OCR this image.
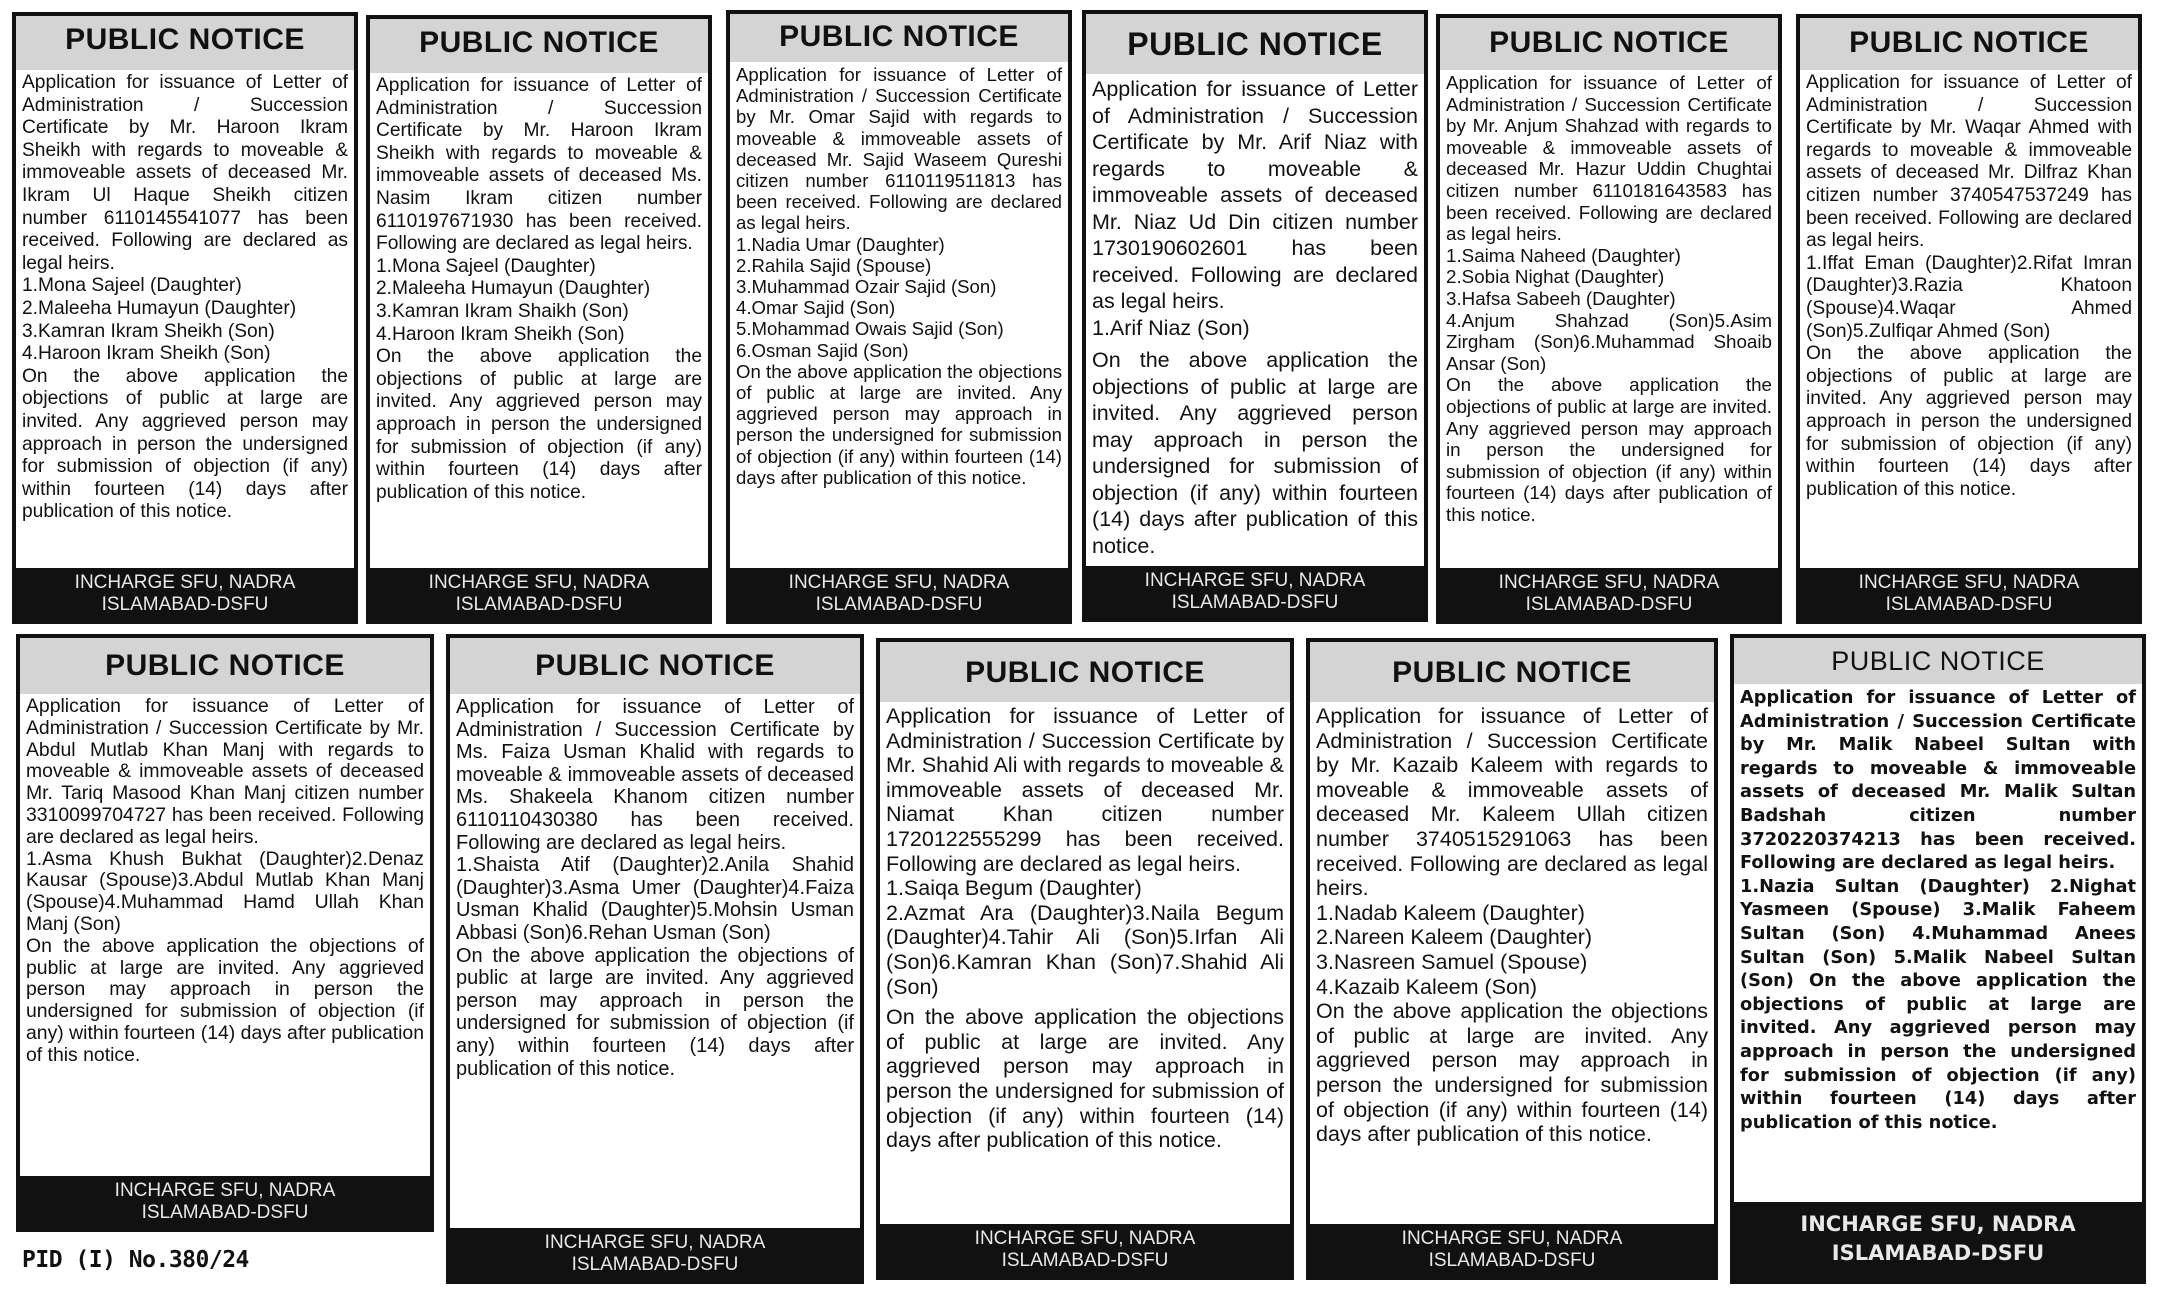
PUBLIC NOTICE

Application for issuance of Letter of Administration / Succession Certificate by Mr. Haroon Ikram Sheikh with regards to moveable & immoveable assets of deceased Mr. Ikram Ul Haque Sheikh citizen number 6110145541077 has been received. Following are declared as legal heirs.

1.Mona Sajeel (Daughter)

2.Maleeha Humayun (Daughter)

3.Kamran Ikram Sheikh (Son)

4.Haroon Ikram Sheikh (Son)

On the above application the objections of public at large are invited. Any aggrieved person may approach in person the undersigned for submission of objection (if any) within fourteen (14) days after publication of this notice.

INCHARGE SFU, NADRA
ISLAMABAD-DSFU
PUBLIC NOTICE

Application for issuance of Letter of Administration / Succession Certificate by Mr. Haroon Ikram Sheikh with regards to moveable & immoveable assets of deceased Ms. Nasim Ikram citizen number 6110197671930 has been received. Following are declared as legal heirs.

1.Mona Sajeel (Daughter)

2.Maleeha Humayun (Daughter)

3.Kamran Ikram Shaikh (Son)

4.Haroon Ikram Sheikh (Son)

On the above application the objections of public at large are invited. Any aggrieved person may approach in person the undersigned for submission of objection (if any) within fourteen (14) days after publication of this notice.

INCHARGE SFU, NADRA
ISLAMABAD-DSFU
PUBLIC NOTICE

Application for issuance of Letter of Administration / Succession Certificate by Mr. Omar Sajid with regards to moveable & immoveable assets of deceased Mr. Sajid Waseem Qureshi citizen number 6110119511813 has been received. Following are declared as legal heirs.

1.Nadia Umar (Daughter)

2.Rahila Sajid (Spouse)

3.Muhammad Ozair Sajid (Son)

4.Omar Sajid (Son)

5.Mohammad Owais Sajid (Son)

6.Osman Sajid (Son)

On the above application the objections of public at large are invited. Any aggrieved person may approach in person the undersigned for submission of objection (if any) within fourteen (14) days after publication of this notice.

INCHARGE SFU, NADRA
ISLAMABAD-DSFU
PUBLIC NOTICE

Application for issuance of Letter of Administration / Succession Certificate by Mr. Arif Niaz with regards to moveable & immoveable assets of deceased Mr. Niaz Ud Din citizen number 1730190602601 has been received. Following are declared as legal heirs.

1.Arif Niaz (Son)

On the above application the objections of public at large are invited. Any aggrieved person may approach in person the undersigned for submission of objection (if any) within fourteen (14) days after publication of this notice.

INCHARGE SFU, NADRA
ISLAMABAD-DSFU
PUBLIC NOTICE

Application for issuance of Letter of Administration / Succession Certificate by Mr. Anjum Shahzad with regards to moveable & immoveable assets of deceased Mr. Hazur Uddin Chughtai citizen number 6110181643583 has been received. Following are declared as legal heirs.

1.Saima Naheed (Daughter)

2.Sobia Nighat (Daughter)

3.Hafsa Sabeeh (Daughter)

4.Anjum Shahzad (Son)5.Asim Zirgham (Son)6.Muhammad Shoaib Ansar (Son)

On the above application the objections of public at large are invited. Any aggrieved person may approach in person the undersigned for submission of objection (if any) within fourteen (14) days after publication of this notice.

INCHARGE SFU, NADRA
ISLAMABAD-DSFU
PUBLIC NOTICE

Application for issuance of Letter of Administration / Succession Certificate by Mr. Waqar Ahmed with regards to moveable & immoveable assets of deceased Mr. Dilfraz Khan citizen number 3740547537249 has been received. Following are declared as legal heirs.

1.Iffat Eman (Daughter)2.Rifat Imran (Daughter)3.Razia Khatoon (Spouse)4.Waqar Ahmed (Son)5.Zulfiqar Ahmed (Son)

On the above application the objections of public at large are invited. Any aggrieved person may approach in person the undersigned for submission of objection (if any) within fourteen (14) days after publication of this notice.

INCHARGE SFU, NADRA
ISLAMABAD-DSFU
PUBLIC NOTICE

Application for issuance of Letter of Administration / Succession Certificate by Mr. Abdul Mutlab Khan Manj with regards to moveable & immoveable assets of deceased Mr. Tariq Masood Khan Manj citizen number 3310099704727 has been received. Following are declared as legal heirs.

1.Asma Khush Bukhat (Daughter)2.Denaz Kausar (Spouse)3.Abdul Mutlab Khan Manj (Spouse)4.Muhammad Hamd Ullah Khan Manj (Son)

On the above application the objections of public at large are invited. Any aggrieved person may approach in person the undersigned for submission of objection (if any) within fourteen (14) days after publication of this notice.

INCHARGE SFU, NADRA
ISLAMABAD-DSFU
PID (I) No.380/24
PUBLIC NOTICE

Application for issuance of Letter of Administration / Succession Certificate by Ms. Faiza Usman Khalid with regards to moveable & immoveable assets of deceased Ms. Shakeela Khanom citizen number 6110110430380 has been received. Following are declared as legal heirs.

1.Shaista Atif (Daughter)2.Anila Shahid (Daughter)3.Asma Umer (Daughter)4.Faiza Usman Khalid (Daughter)5.Mohsin Usman Abbasi (Son)6.Rehan Usman (Son)

On the above application the objections of public at large are invited. Any aggrieved person may approach in person the undersigned for submission of objection (if any) within fourteen (14) days after publication of this notice.

INCHARGE SFU, NADRA
ISLAMABAD-DSFU
PUBLIC NOTICE

Application for issuance of Letter of Administration / Succession Certificate by Mr. Shahid Ali with regards to moveable & immoveable assets of deceased Mr. Niamat Khan citizen number 1720122555299 has been received. Following are declared as legal heirs.

1.Saiqa Begum (Daughter)

2.Azmat Ara (Daughter)3.Naila Begum (Daughter)4.Tahir Ali (Son)5.Irfan Ali (Son)6.Kamran Khan (Son)7.Shahid Ali (Son)

On the above application the objections of public at large are invited. Any aggrieved person may approach in person the undersigned for submission of objection (if any) within fourteen (14) days after publication of this notice.

INCHARGE SFU, NADRA
ISLAMABAD-DSFU
PUBLIC NOTICE

Application for issuance of Letter of Administration / Succession Certificate by Mr. Kazaib Kaleem with regards to moveable & immoveable assets of deceased Mr. Kaleem Ullah citizen number 3740515291063 has been received. Following are declared as legal heirs.

1.Nadab Kaleem (Daughter)

2.Nareen Kaleem (Daughter)

3.Nasreen Samuel (Spouse)

4.Kazaib Kaleem (Son)

On the above application the objections of public at large are invited. Any aggrieved person may approach in person the undersigned for submission of objection (if any) within fourteen (14) days after publication of this notice.

INCHARGE SFU, NADRA
ISLAMABAD-DSFU
PUBLIC NOTICE

Application for issuance of Letter of Administration / Succession Certificate by Mr. Malik Nabeel Sultan with regards to moveable & immoveable assets of deceased Mr. Malik Sultan Badshah citizen number 3720220374213 has been received. Following are declared as legal heirs.

1.Nazia Sultan (Daughter) 2.Nighat Yasmeen (Spouse) 3.Malik Faheem Sultan (Son) 4.Muhammad Anees Sultan (Son) 5.Malik Nabeel Sultan (Son) On the above application the objections of public at large are invited. Any aggrieved person may approach in person the undersigned for submission of objection (if any) within fourteen (14) days after publication of this notice.

INCHARGE SFU, NADRA
ISLAMABAD-DSFU
